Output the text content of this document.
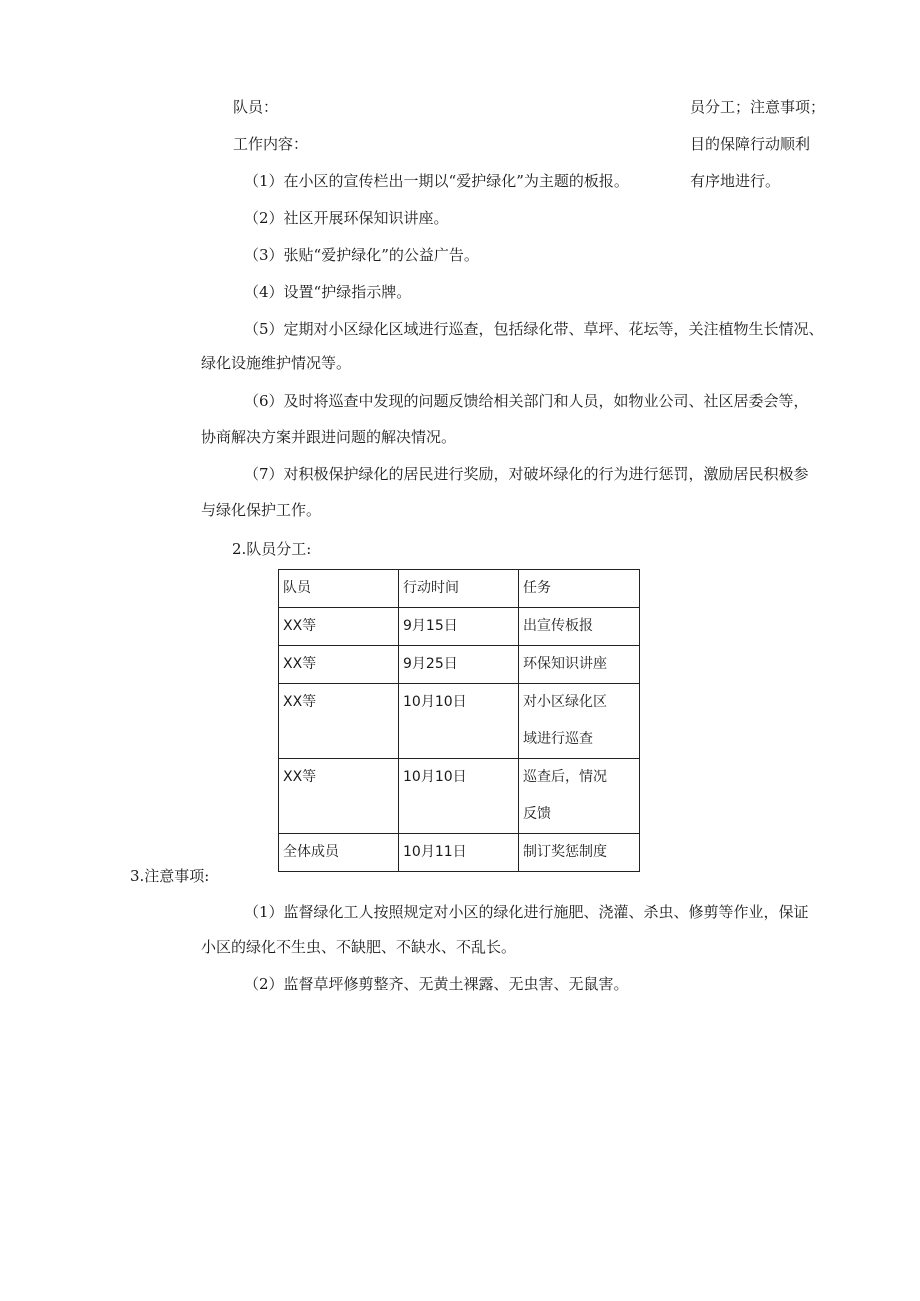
队员：
工作内容：
员分工；注意事项；
目的保障行动顺利
有序地进行。
（1）在小区的宣传栏出一期以“爱护绿化”为主题的板报。
（2）社区开展环保知识讲座。
（3）张贴“爱护绿化”的公益广告。
（4）设置“护绿指示牌。
（5）定期对小区绿化区域进行巡查，包括绿化带、草坪、花坛等，关注植物生长情况、
绿化设施维护情况等。
（6）及时将巡查中发现的问题反馈给相关部门和人员，如物业公司、社区居委会等，
协商解决方案并跟进问题的解决情况。
（7）对积极保护绿化的居民进行奖励，对破坏绿化的行为进行惩罚，激励居民积极参
与绿化保护工作。
2.队员分工:
队员	行动时间	任务

XX等	9月15日	出宣传板报

XX等	9月25日	环保知识讲座

XX等	10月10日	对小区绿化区
域进行巡查

XX等	10月10日	巡查后，情况
反馈

全体成员	10月11日	制订奖惩制度
3.注意事项:
（1）监督绿化工人按照规定对小区的绿化进行施肥、浇灌、杀虫、修剪等作业，保证
小区的绿化不生虫、不缺肥、不缺水、不乱长。
（2）监督草坪修剪整齐、无黄土裸露、无虫害、无鼠害。
